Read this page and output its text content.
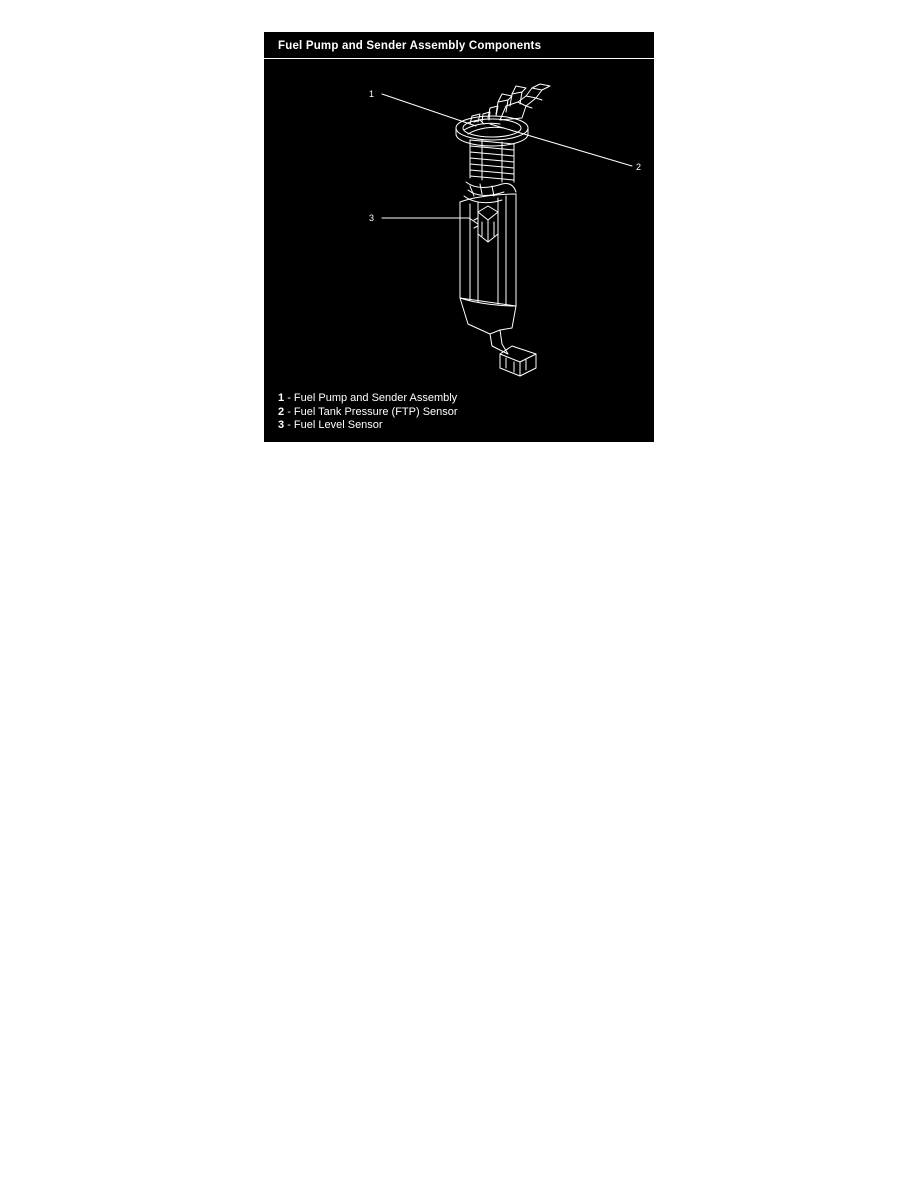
Fuel Pump and Sender Assembly Components
1
2
3
1 - Fuel Pump and Sender Assembly
2 - Fuel Tank Pressure (FTP) Sensor
3 - Fuel Level Sensor
